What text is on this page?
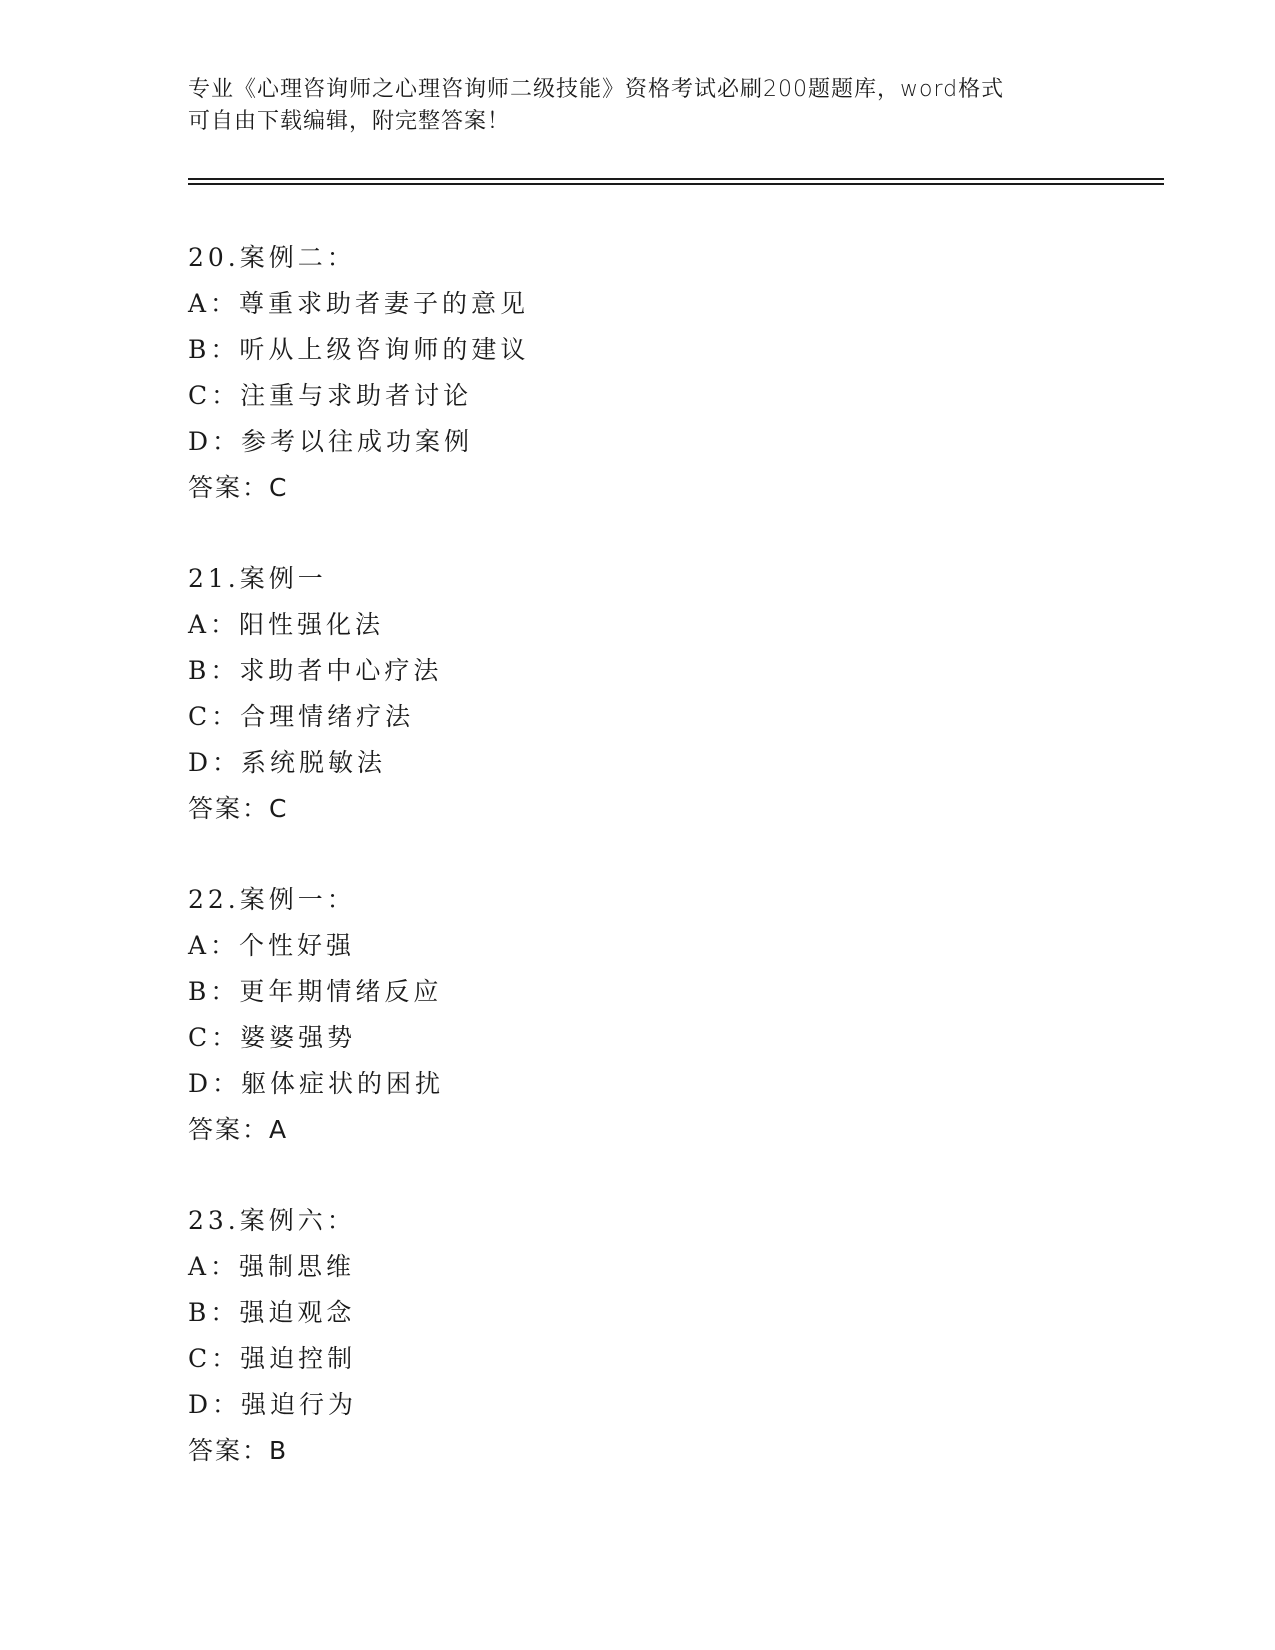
专业《心理咨询师之心理咨询师二级技能》资格考试必刷200题题库，word格式
可自由下载编辑，附完整答案！
20.案例二：
A：尊重求助者妻子的意见
B：听从上级咨询师的建议
C：注重与求助者讨论
D：参考以往成功案例
答案：C
21.案例一
A：阳性强化法
B：求助者中心疗法
C：合理情绪疗法
D：系统脱敏法
答案：C
22.案例一：
A：个性好强
B：更年期情绪反应
C：婆婆强势
D：躯体症状的困扰
答案：A
23.案例六：
A：强制思维
B：强迫观念
C：强迫控制
D：强迫行为
答案：B
